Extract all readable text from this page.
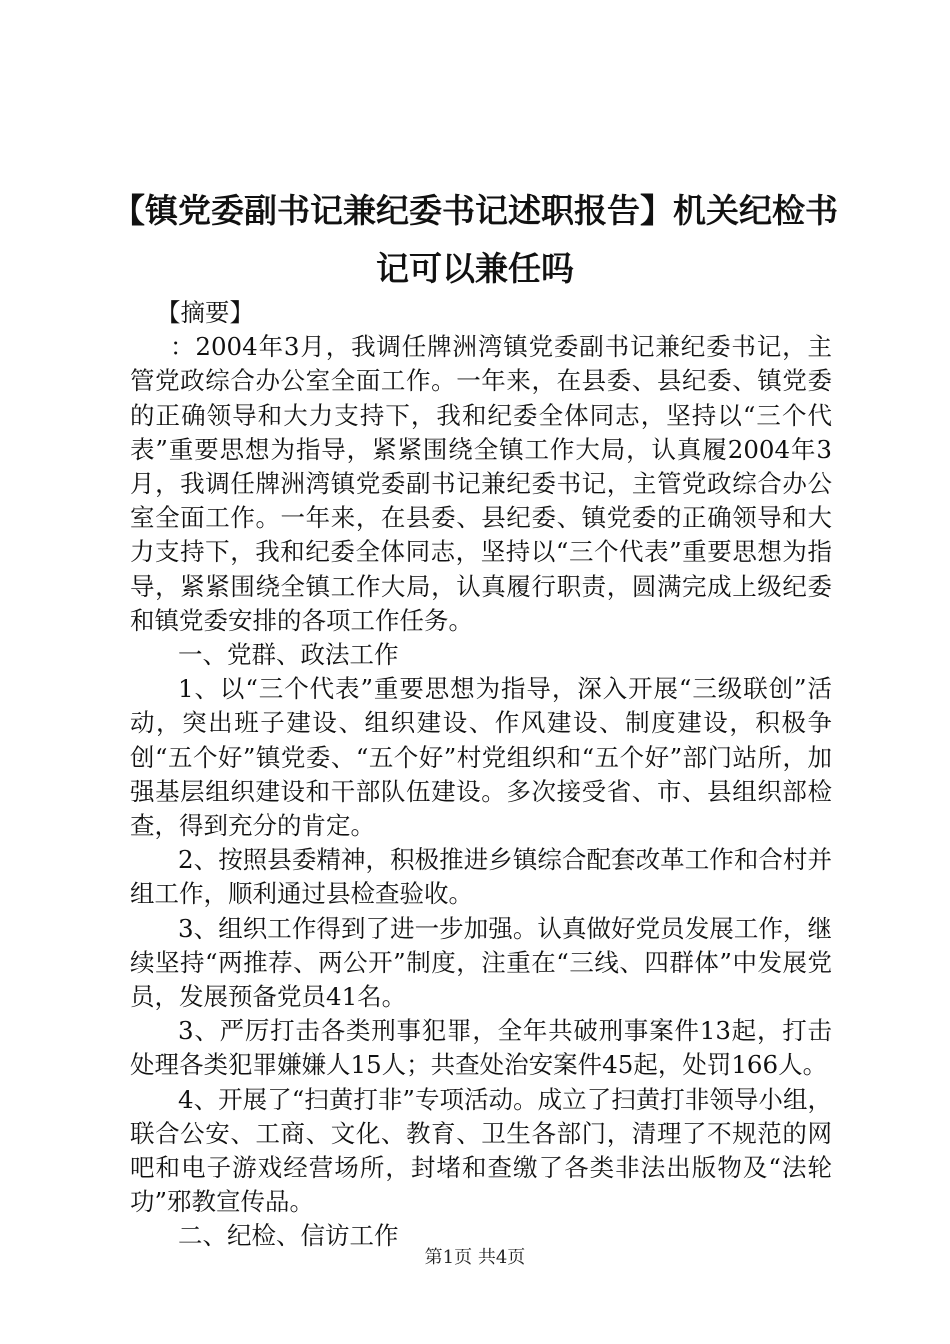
【镇党委副书记兼纪委书记述职报告】机关纪检书记可以兼任吗

【摘要】

：2004年3月，我调任牌洲湾镇党委副书记兼纪委书记，主管党政综合办公室全面工作。一年来，在县委、县纪委、镇党委的正确领导和大力支持下，我和纪委全体同志，坚持以“三个代表”重要思想为指导，紧紧围绕全镇工作大局，认真履2004年3月，我调任牌洲湾镇党委副书记兼纪委书记，主管党政综合办公室全面工作。一年来，在县委、县纪委、镇党委的正确领导和大力支持下，我和纪委全体同志，坚持以“三个代表”重要思想为指导，紧紧围绕全镇工作大局，认真履行职责，圆满完成上级纪委和镇党委安排的各项工作任务。

一、党群、政法工作

1、以“三个代表”重要思想为指导，深入开展“三级联创”活动，突出班子建设、组织建设、作风建设、制度建设，积极争创“五个好”镇党委、“五个好”村党组织和“五个好”部门站所，加强基层组织建设和干部队伍建设。多次接受省、市、县组织部检查，得到充分的肯定。

2、按照县委精神，积极推进乡镇综合配套改革工作和合村并组工作，顺利通过县检查验收。

3、组织工作得到了进一步加强。认真做好党员发展工作，继续坚持“两推荐、两公开”制度，注重在“三线、四群体”中发展党员，发展预备党员41名。

3、严厉打击各类刑事犯罪，全年共破刑事案件13起，打击处理各类犯罪嫌嫌人15人；共查处治安案件45起，处罚166人。

4、开展了“扫黄打非”专项活动。成立了扫黄打非领导小组，联合公安、工商、文化、教育、卫生各部门，清理了不规范的网吧和电子游戏经营场所，封堵和查缴了各类非法出版物及“法轮功”邪教宣传品。

二、纪检、信访工作

第1页 共4页
